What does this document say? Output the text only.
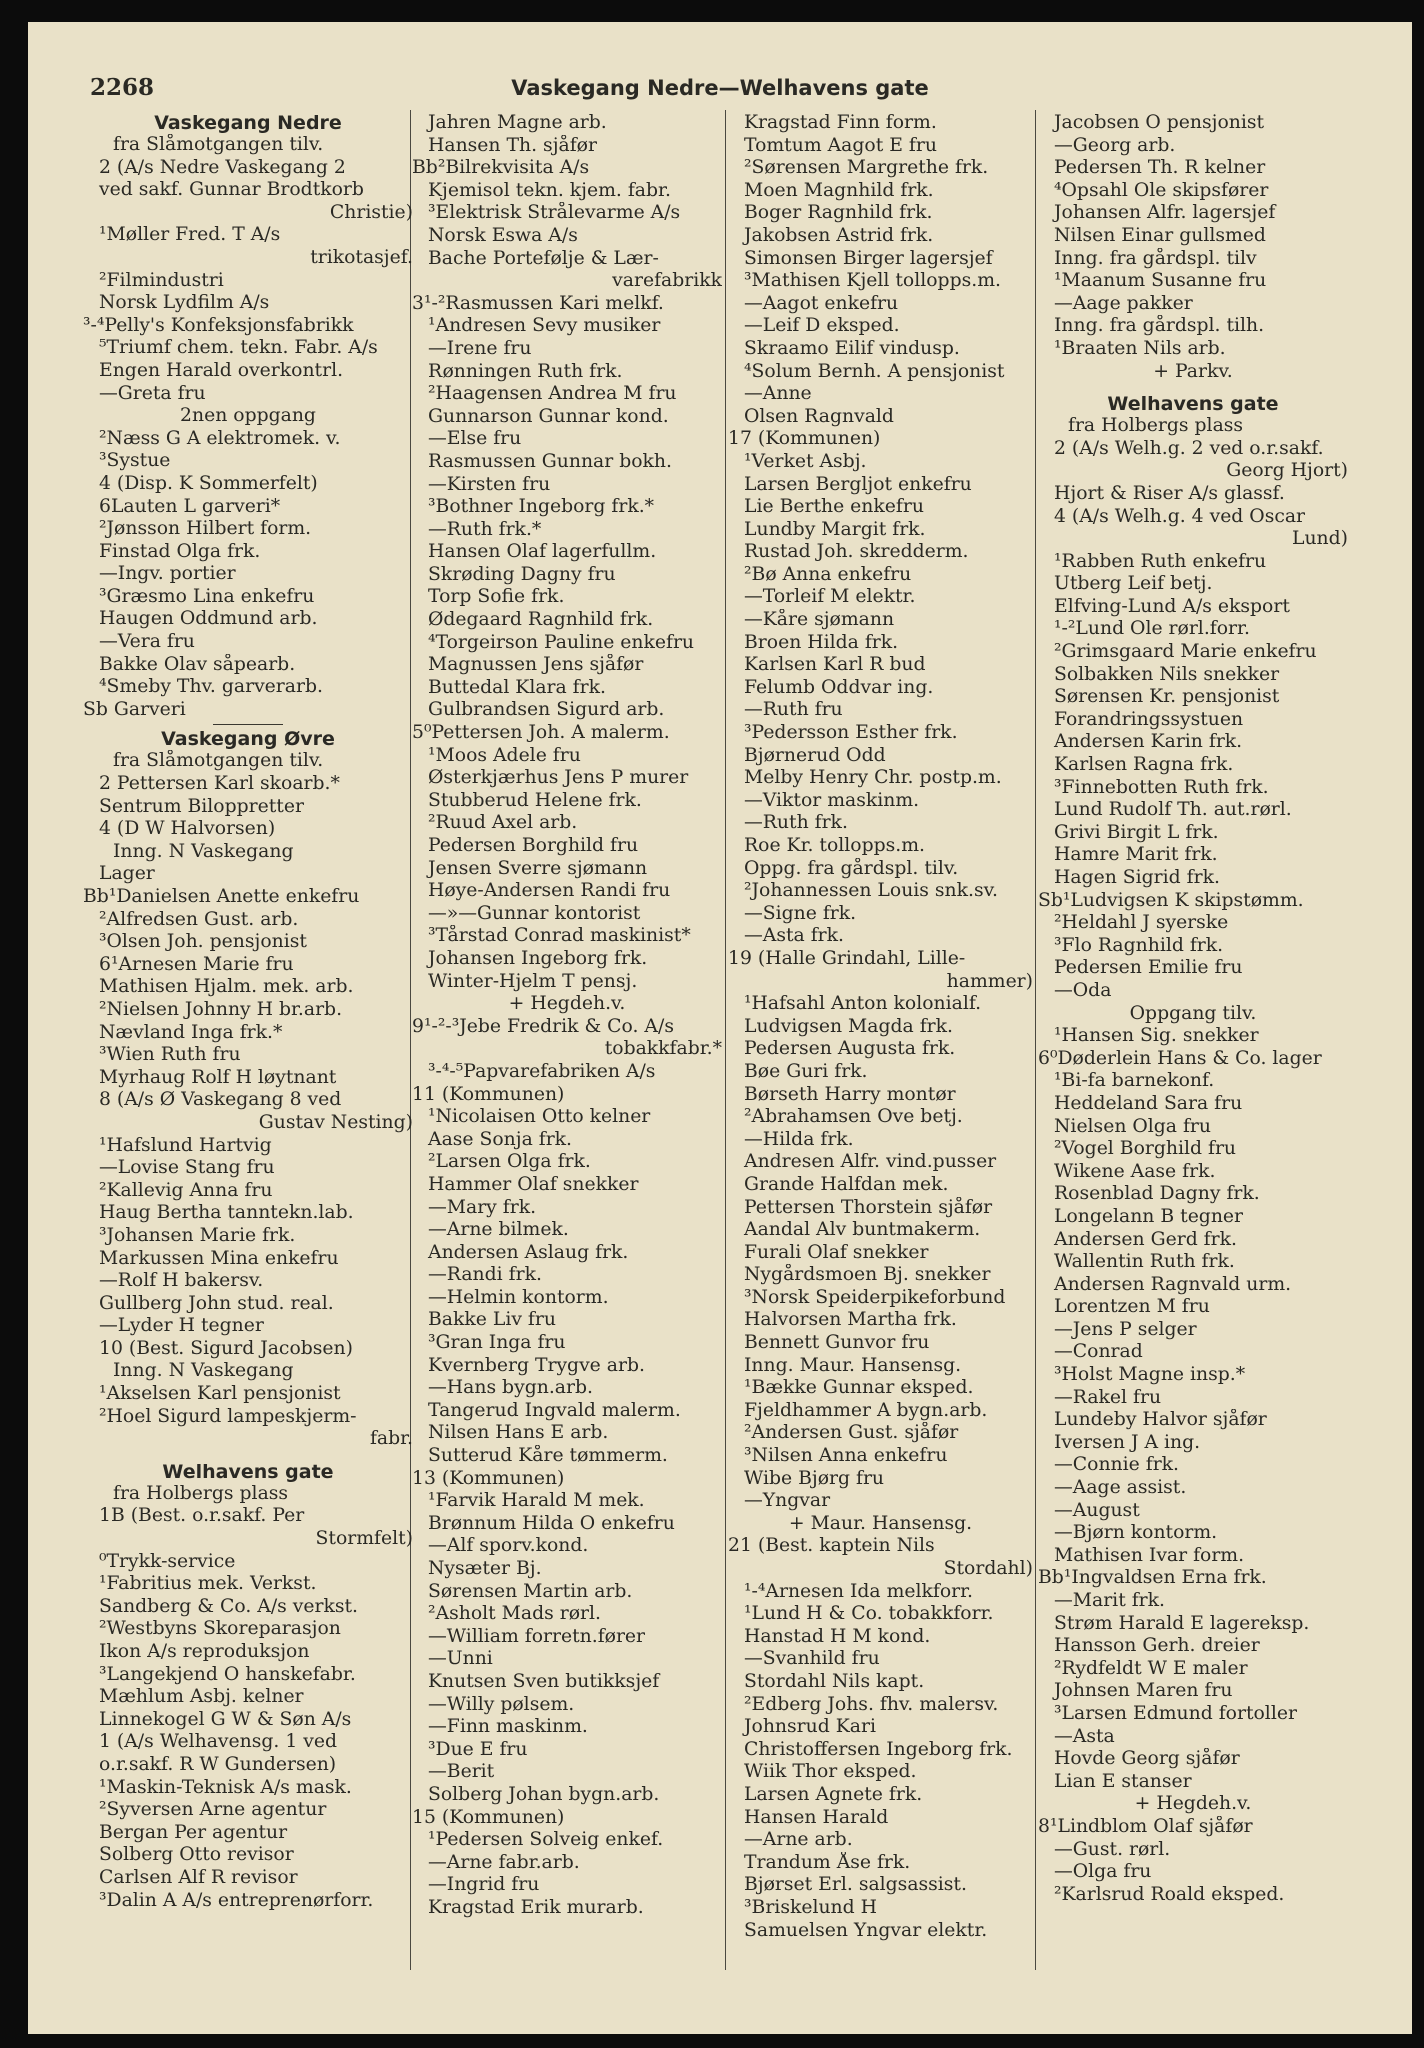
2268	Vaskegang Nedre—Welhavens gate
Vaskegang Nedre
fra Slåmotgangen tilv.
2 (A/s Nedre Vaskegang 2
ved sakf. Gunnar Brodtkorb
Christie)
¹Møller Fred. T A/s
trikotasjef.
²Filmindustri
Norsk Lydfilm A/s
³-⁴Pelly's Konfeksjonsfabrikk
⁵Triumf chem. tekn. Fabr. A/s
Engen Harald overkontrl.
—Greta fru
2nen oppgang
²Næss G A elektromek. v.
³Systue
4 (Disp. K Sommerfelt)
6Lauten L garveri*
²Jønsson Hilbert form.
Finstad Olga frk.
—Ingv. portier
³Græsmo Lina enkefru
Haugen Oddmund arb.
—Vera fru
Bakke Olav såpearb.
⁴Smeby Thv. garverarb.
Sb Garveri
Vaskegang Øvre
fra Slåmotgangen tilv.
2 Pettersen Karl skoarb.*
Sentrum Biloppretter
4 (D W Halvorsen)
Inng. N Vaskegang
Lager
Bb¹Danielsen Anette enkefru
²Alfredsen Gust. arb.
³Olsen Joh. pensjonist
6¹Arnesen Marie fru
Mathisen Hjalm. mek. arb.
²Nielsen Johnny H br.arb.
Nævland Inga frk.*
³Wien Ruth fru
Myrhaug Rolf H løytnant
8 (A/s Ø Vaskegang 8 ved
Gustav Nesting)
¹Hafslund Hartvig
—Lovise Stang fru
²Kallevig Anna fru
Haug Bertha tanntekn.lab.
³Johansen Marie frk.
Markussen Mina enkefru
—Rolf H bakersv.
Gullberg John stud. real.
—Lyder H tegner
10 (Best. Sigurd Jacobsen)
Inng. N Vaskegang
¹Akselsen Karl pensjonist
²Hoel Sigurd lampeskjerm-
fabr.
Welhavens gate
fra Holbergs plass
1B (Best. o.r.sakf. Per
Stormfelt)
⁰Trykk-service
¹Fabritius mek. Verkst.
Sandberg & Co. A/s verkst.
²Westbyns Skoreparasjon
Ikon A/s reproduksjon
³Langekjend O hanskefabr.
Mæhlum Asbj. kelner
Linnekogel G W & Søn A/s
1 (A/s Welhavensg. 1 ved
o.r.sakf. R W Gundersen)
¹Maskin-Teknisk A/s mask.
²Syversen Arne agentur
Bergan Per agentur
Solberg Otto revisor
Carlsen Alf R revisor
³Dalin A A/s entreprenørforr.
Jahren Magne arb.
Hansen Th. sjåfør
Bb²Bilrekvisita A/s
Kjemisol tekn. kjem. fabr.
³Elektrisk Strålevarme A/s
Norsk Eswa A/s
Bache Portefølje & Lær-
varefabrikk
3¹-²Rasmussen Kari melkf.
¹Andresen Sevy musiker
—Irene fru
Rønningen Ruth frk.
²Haagensen Andrea M fru
Gunnarson Gunnar kond.
—Else fru
Rasmussen Gunnar bokh.
—Kirsten fru
³Bothner Ingeborg frk.*
—Ruth frk.*
Hansen Olaf lagerfullm.
Skrøding Dagny fru
Torp Sofie frk.
Ødegaard Ragnhild frk.
⁴Torgeirson Pauline enkefru
Magnussen Jens sjåfør
Buttedal Klara frk.
Gulbrandsen Sigurd arb.
5⁰Pettersen Joh. A malerm.
¹Moos Adele fru
Østerkjærhus Jens P murer
Stubberud Helene frk.
²Ruud Axel arb.
Pedersen Borghild fru
Jensen Sverre sjømann
Høye-Andersen Randi fru
—»—Gunnar kontorist
³Tårstad Conrad maskinist*
Johansen Ingeborg frk.
Winter-Hjelm T pensj.
+ Hegdeh.v.
9¹-²-³Jebe Fredrik & Co. A/s
tobakkfabr.*
³-⁴-⁵Papvarefabriken A/s
11 (Kommunen)
¹Nicolaisen Otto kelner
Aase Sonja frk.
²Larsen Olga frk.
Hammer Olaf snekker
—Mary frk.
—Arne bilmek.
Andersen Aslaug frk.
—Randi frk.
—Helmin kontorm.
Bakke Liv fru
³Gran Inga fru
Kvernberg Trygve arb.
—Hans bygn.arb.
Tangerud Ingvald malerm.
Nilsen Hans E arb.
Sutterud Kåre tømmerm.
13 (Kommunen)
¹Farvik Harald M mek.
Brønnum Hilda O enkefru
—Alf sporv.kond.
Nysæter Bj.
Sørensen Martin arb.
²Asholt Mads rørl.
—William forretn.fører
—Unni
Knutsen Sven butikksjef
—Willy pølsem.
—Finn maskinm.
³Due E fru
—Berit
Solberg Johan bygn.arb.
15 (Kommunen)
¹Pedersen Solveig enkef.
—Arne fabr.arb.
—Ingrid fru
Kragstad Erik murarb.
Kragstad Finn form.
Tomtum Aagot E fru
²Sørensen Margrethe frk.
Moen Magnhild frk.
Boger Ragnhild frk.
Jakobsen Astrid frk.
Simonsen Birger lagersjef
³Mathisen Kjell tollopps.m.
—Aagot enkefru
—Leif D eksped.
Skraamo Eilif vindusp.
⁴Solum Bernh. A pensjonist
—Anne
Olsen Ragnvald
17 (Kommunen)
¹Verket Asbj.
Larsen Bergljot enkefru
Lie Berthe enkefru
Lundby Margit frk.
Rustad Joh. skredderm.
²Bø Anna enkefru
—Torleif M elektr.
—Kåre sjømann
Broen Hilda frk.
Karlsen Karl R bud
Felumb Oddvar ing.
—Ruth fru
³Pedersson Esther frk.
Bjørnerud Odd
Melby Henry Chr. postp.m.
—Viktor maskinm.
—Ruth frk.
Roe Kr. tollopps.m.
Oppg. fra gårdspl. tilv.
²Johannessen Louis snk.sv.
—Signe frk.
—Asta frk.
19 (Halle Grindahl, Lille-
hammer)
¹Hafsahl Anton kolonialf.
Ludvigsen Magda frk.
Pedersen Augusta frk.
Bøe Guri frk.
Børseth Harry montør
²Abrahamsen Ove betj.
—Hilda frk.
Andresen Alfr. vind.pusser
Grande Halfdan mek.
Pettersen Thorstein sjåfør
Aandal Alv buntmakerm.
Furali Olaf snekker
Nygårdsmoen Bj. snekker
³Norsk Speiderpikeforbund
Halvorsen Martha frk.
Bennett Gunvor fru
Inng. Maur. Hansensg.
¹Bække Gunnar eksped.
Fjeldhammer A bygn.arb.
²Andersen Gust. sjåfør
³Nilsen Anna enkefru
Wibe Bjørg fru
—Yngvar
+ Maur. Hansensg.
21 (Best. kaptein Nils
Stordahl)
¹-⁴Arnesen Ida melkforr.
¹Lund H & Co. tobakkforr.
Hanstad H M kond.
—Svanhild fru
Stordahl Nils kapt.
²Edberg Johs. fhv. malersv.
Johnsrud Kari
Christoffersen Ingeborg frk.
Wiik Thor eksped.
Larsen Agnete frk.
Hansen Harald
—Arne arb.
Trandum Åse frk.
Bjørset Erl. salgsassist.
³Briskelund H
Samuelsen Yngvar elektr.
Jacobsen O pensjonist
—Georg arb.
Pedersen Th. R kelner
⁴Opsahl Ole skipsfører
Johansen Alfr. lagersjef
Nilsen Einar gullsmed
Inng. fra gårdspl. tilv
¹Maanum Susanne fru
—Aage pakker
Inng. fra gårdspl. tilh.
¹Braaten Nils arb.
+ Parkv.
Welhavens gate
fra Holbergs plass
2 (A/s Welh.g. 2 ved o.r.sakf.
Georg Hjort)
Hjort & Riser A/s glassf.
4 (A/s Welh.g. 4 ved Oscar
Lund)
¹Rabben Ruth enkefru
Utberg Leif betj.
Elfving-Lund A/s eksport
¹-²Lund Ole rørl.forr.
²Grimsgaard Marie enkefru
Solbakken Nils snekker
Sørensen Kr. pensjonist
Forandringssystuen
Andersen Karin frk.
Karlsen Ragna frk.
³Finnebotten Ruth frk.
Lund Rudolf Th. aut.rørl.
Grivi Birgit L frk.
Hamre Marit frk.
Hagen Sigrid frk.
Sb¹Ludvigsen K skipstømm.
²Heldahl J syerske
³Flo Ragnhild frk.
Pedersen Emilie fru
—Oda
Oppgang tilv.
¹Hansen Sig. snekker
6⁰Døderlein Hans & Co. lager
¹Bi-fa barnekonf.
Heddeland Sara fru
Nielsen Olga fru
²Vogel Borghild fru
Wikene Aase frk.
Rosenblad Dagny frk.
Longelann B tegner
Andersen Gerd frk.
Wallentin Ruth frk.
Andersen Ragnvald urm.
Lorentzen M fru
—Jens P selger
—Conrad
³Holst Magne insp.*
—Rakel fru
Lundeby Halvor sjåfør
Iversen J A ing.
—Connie frk.
—Aage assist.
—August
—Bjørn kontorm.
Mathisen Ivar form.
Bb¹Ingvaldsen Erna frk.
—Marit frk.
Strøm Harald E lagereksp.
Hansson Gerh. dreier
²Rydfeldt W E maler
Johnsen Maren fru
³Larsen Edmund fortoller
—Asta
Hovde Georg sjåfør
Lian E stanser
+ Hegdeh.v.
8¹Lindblom Olaf sjåfør
—Gust. rørl.
—Olga fru
²Karlsrud Roald eksped.
